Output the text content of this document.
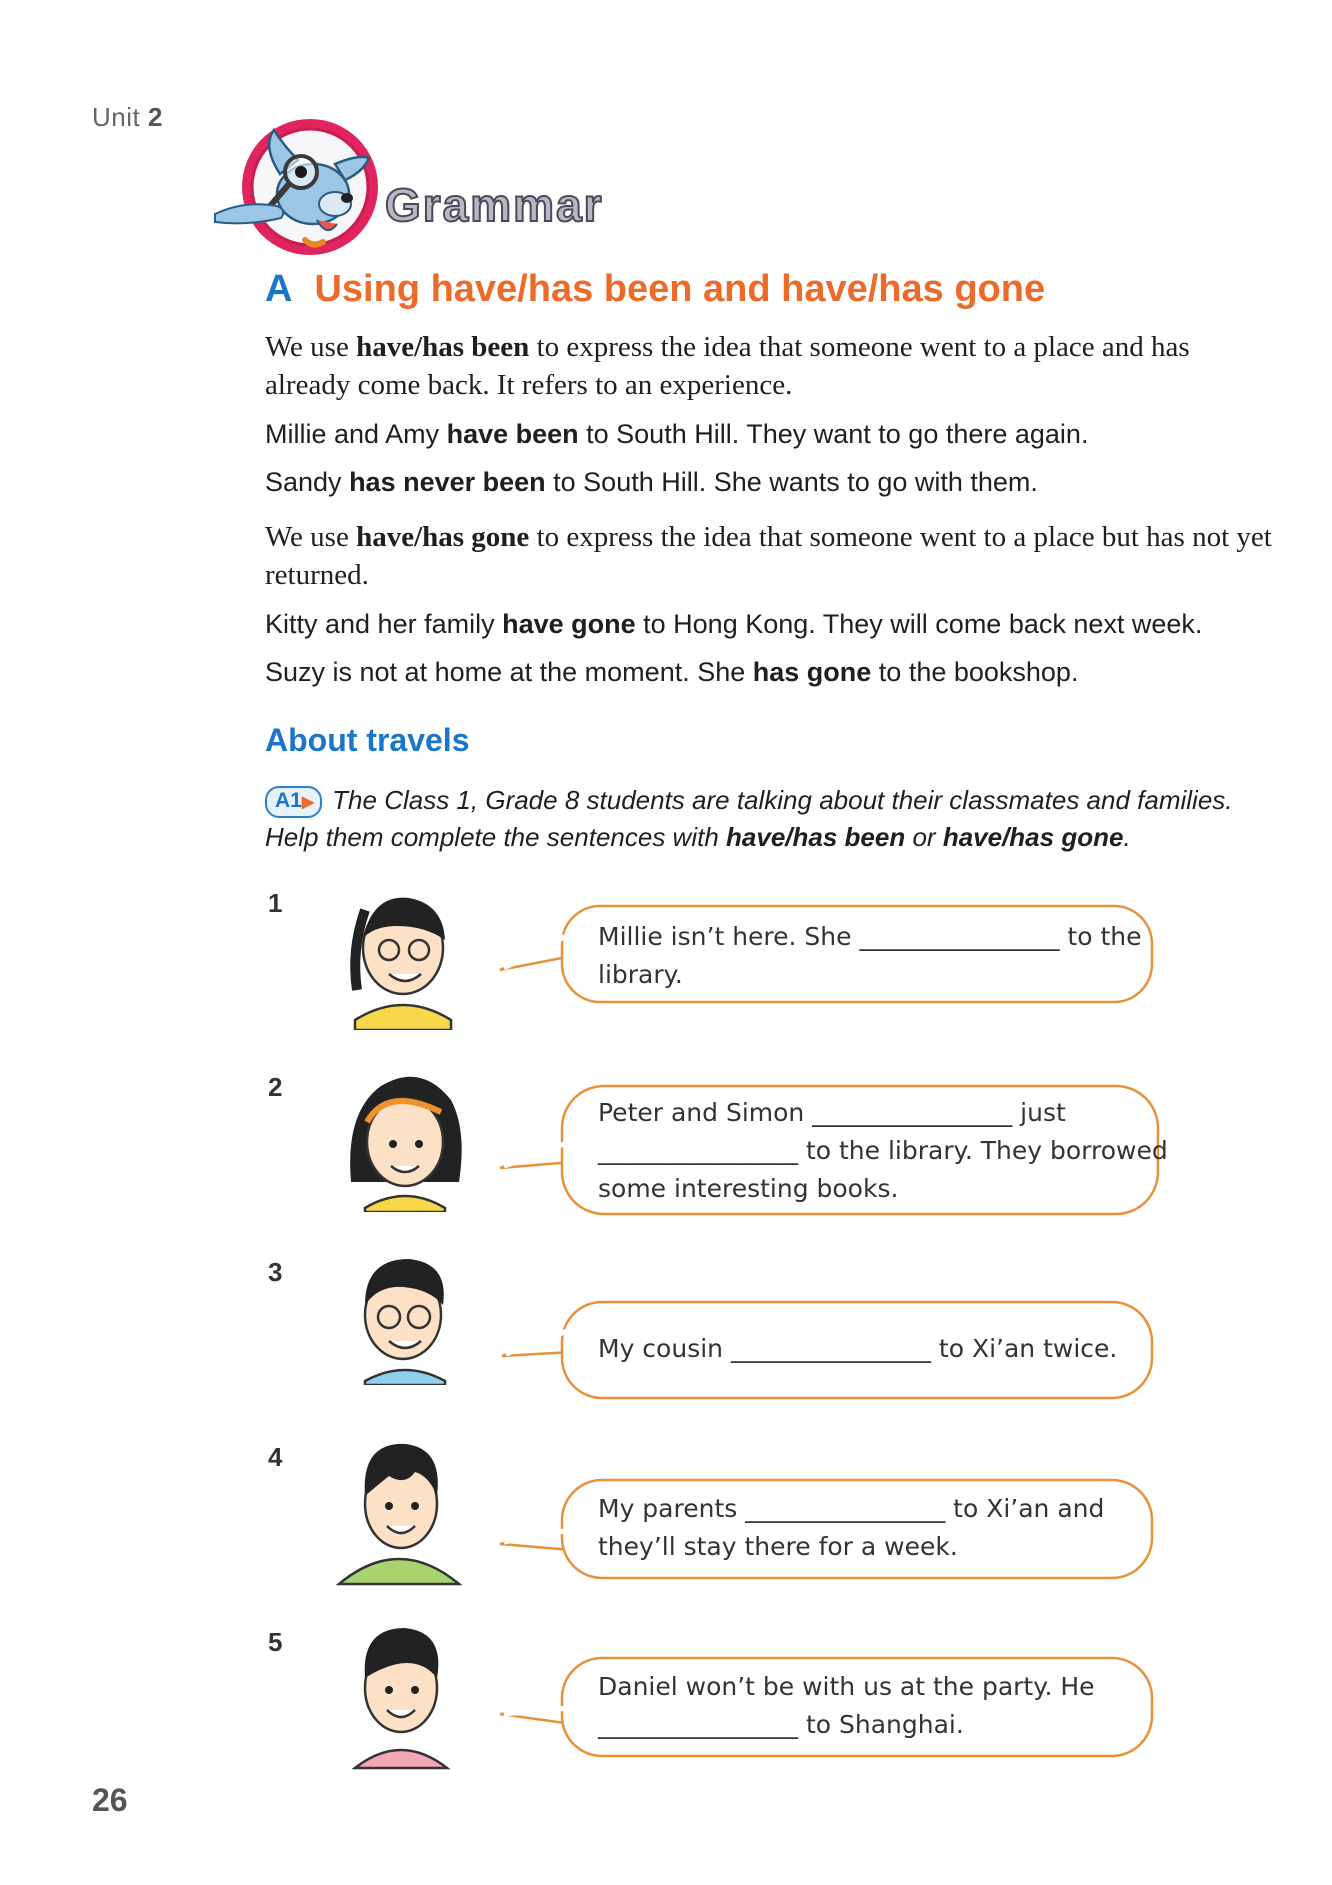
Unit 2
Grammar
A Using have/has been and have/has gone
We use have/has been to express the idea that someone went to a place and has already come back. It refers to an experience.
Millie and Amy have been to South Hill. They want to go there again.
Sandy has never been to South Hill. She wants to go with them.
We use have/has gone to express the idea that someone went to a place but has not yet returned.
Kitty and her family have gone to Hong Kong. They will come back next week.
Suzy is not at home at the moment. She has gone to the bookshop.
About travels
A1▶ The Class 1, Grade 8 students are talking about their classmates and families. Help them complete the sentences with have/has been or have/has gone.
1
Millie isn’t here. She ________________ to the
library.
2
Peter and Simon ________________ just
________________ to the library. They borrowed
some interesting books.
3
My cousin ________________ to Xi’an twice.
4
My parents ________________ to Xi’an and
they’ll stay there for a week.
5
Daniel won’t be with us at the party. He
________________ to Shanghai.
26
